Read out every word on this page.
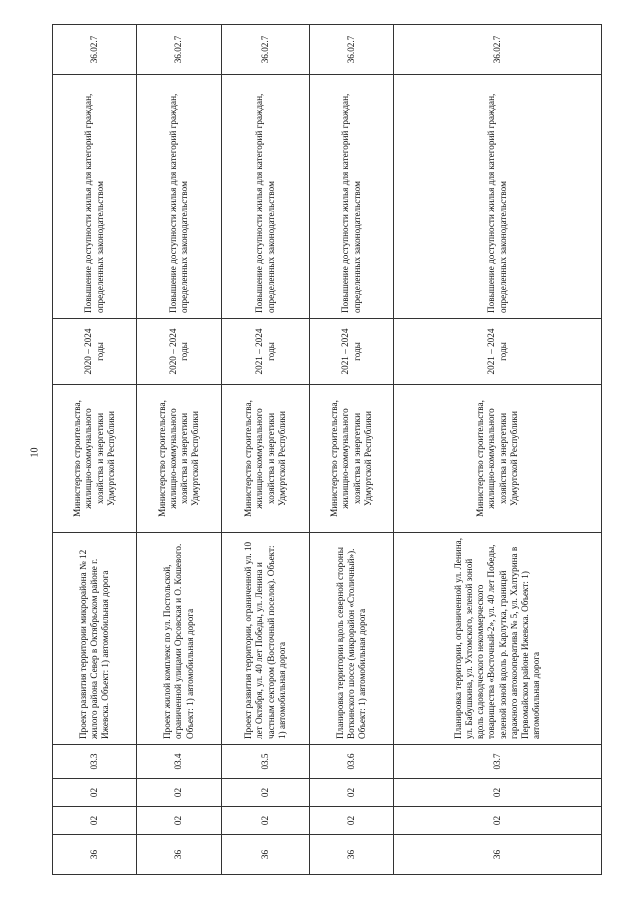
10
36	02	02	03.3	Проект развития территории микрорайона № 12 жилого района Север в Октябрьском районе г. Ижевска. Объект: 1) автомобильная дорога	Министерство строительства, жилищно-коммунального хозяйства и энергетики Удмуртской Республики	2020 – 2024 годы	Повышение доступности жилья для категорий граждан, определенных законодательством	36.02.7
36	02	02	03.4	Проект жилой комплекс по ул. Постольской, ограниченной улицами Орсовская и О. Кошевого. Объект: 1) автомобильная дорога	Министерство строительства, жилищно-коммунального хозяйства и энергетики Удмуртской Республики	2020 – 2024 годы	Повышение доступности жилья для категорий граждан, определенных законодательством	36.02.7
36	02	02	03.5	Проект развития территории, ограниченной ул. 10 лет Октября, ул. 40 лет Победы, ул. Ленина и частным сектором (Восточный поселок). Объект: 1) автомобильная дорога	Министерство строительства, жилищно-коммунального хозяйства и энергетики Удмуртской Республики	2021 – 2024 годы	Повышение доступности жилья для категорий граждан, определенных законодательством	36.02.7
36	02	02	03.6	Планировка территории вдоль северной стороны Воткинского шоссе (микрорайон «Столичный»). Объект: 1) автомобильная дорога	Министерство строительства, жилищно-коммунального хозяйства и энергетики Удмуртской Республики	2021 – 2024 годы	Повышение доступности жилья для категорий граждан, определенных законодательством	36.02.7
36	02	02	03.7	Планировка территории, ограниченной ул. Ленина, ул. Бабушкина, ул. Ухтомского, зеленой зоной вдоль садоводческого некоммерческого товарищества «Восточный-2», ул. 40 лет Победы, зеленой зоной вдоль р. Карлутка, границей гаражного автокооператива № 5, ул. Халтурина в Первомайском районе Ижевска. Объект: 1) автомобильная дорога	Министерство строительства, жилищно-коммунального хозяйства и энергетики Удмуртской Республики	2021 – 2024 годы	Повышение доступности жилья для категорий граждан, определенных законодательством	36.02.7
